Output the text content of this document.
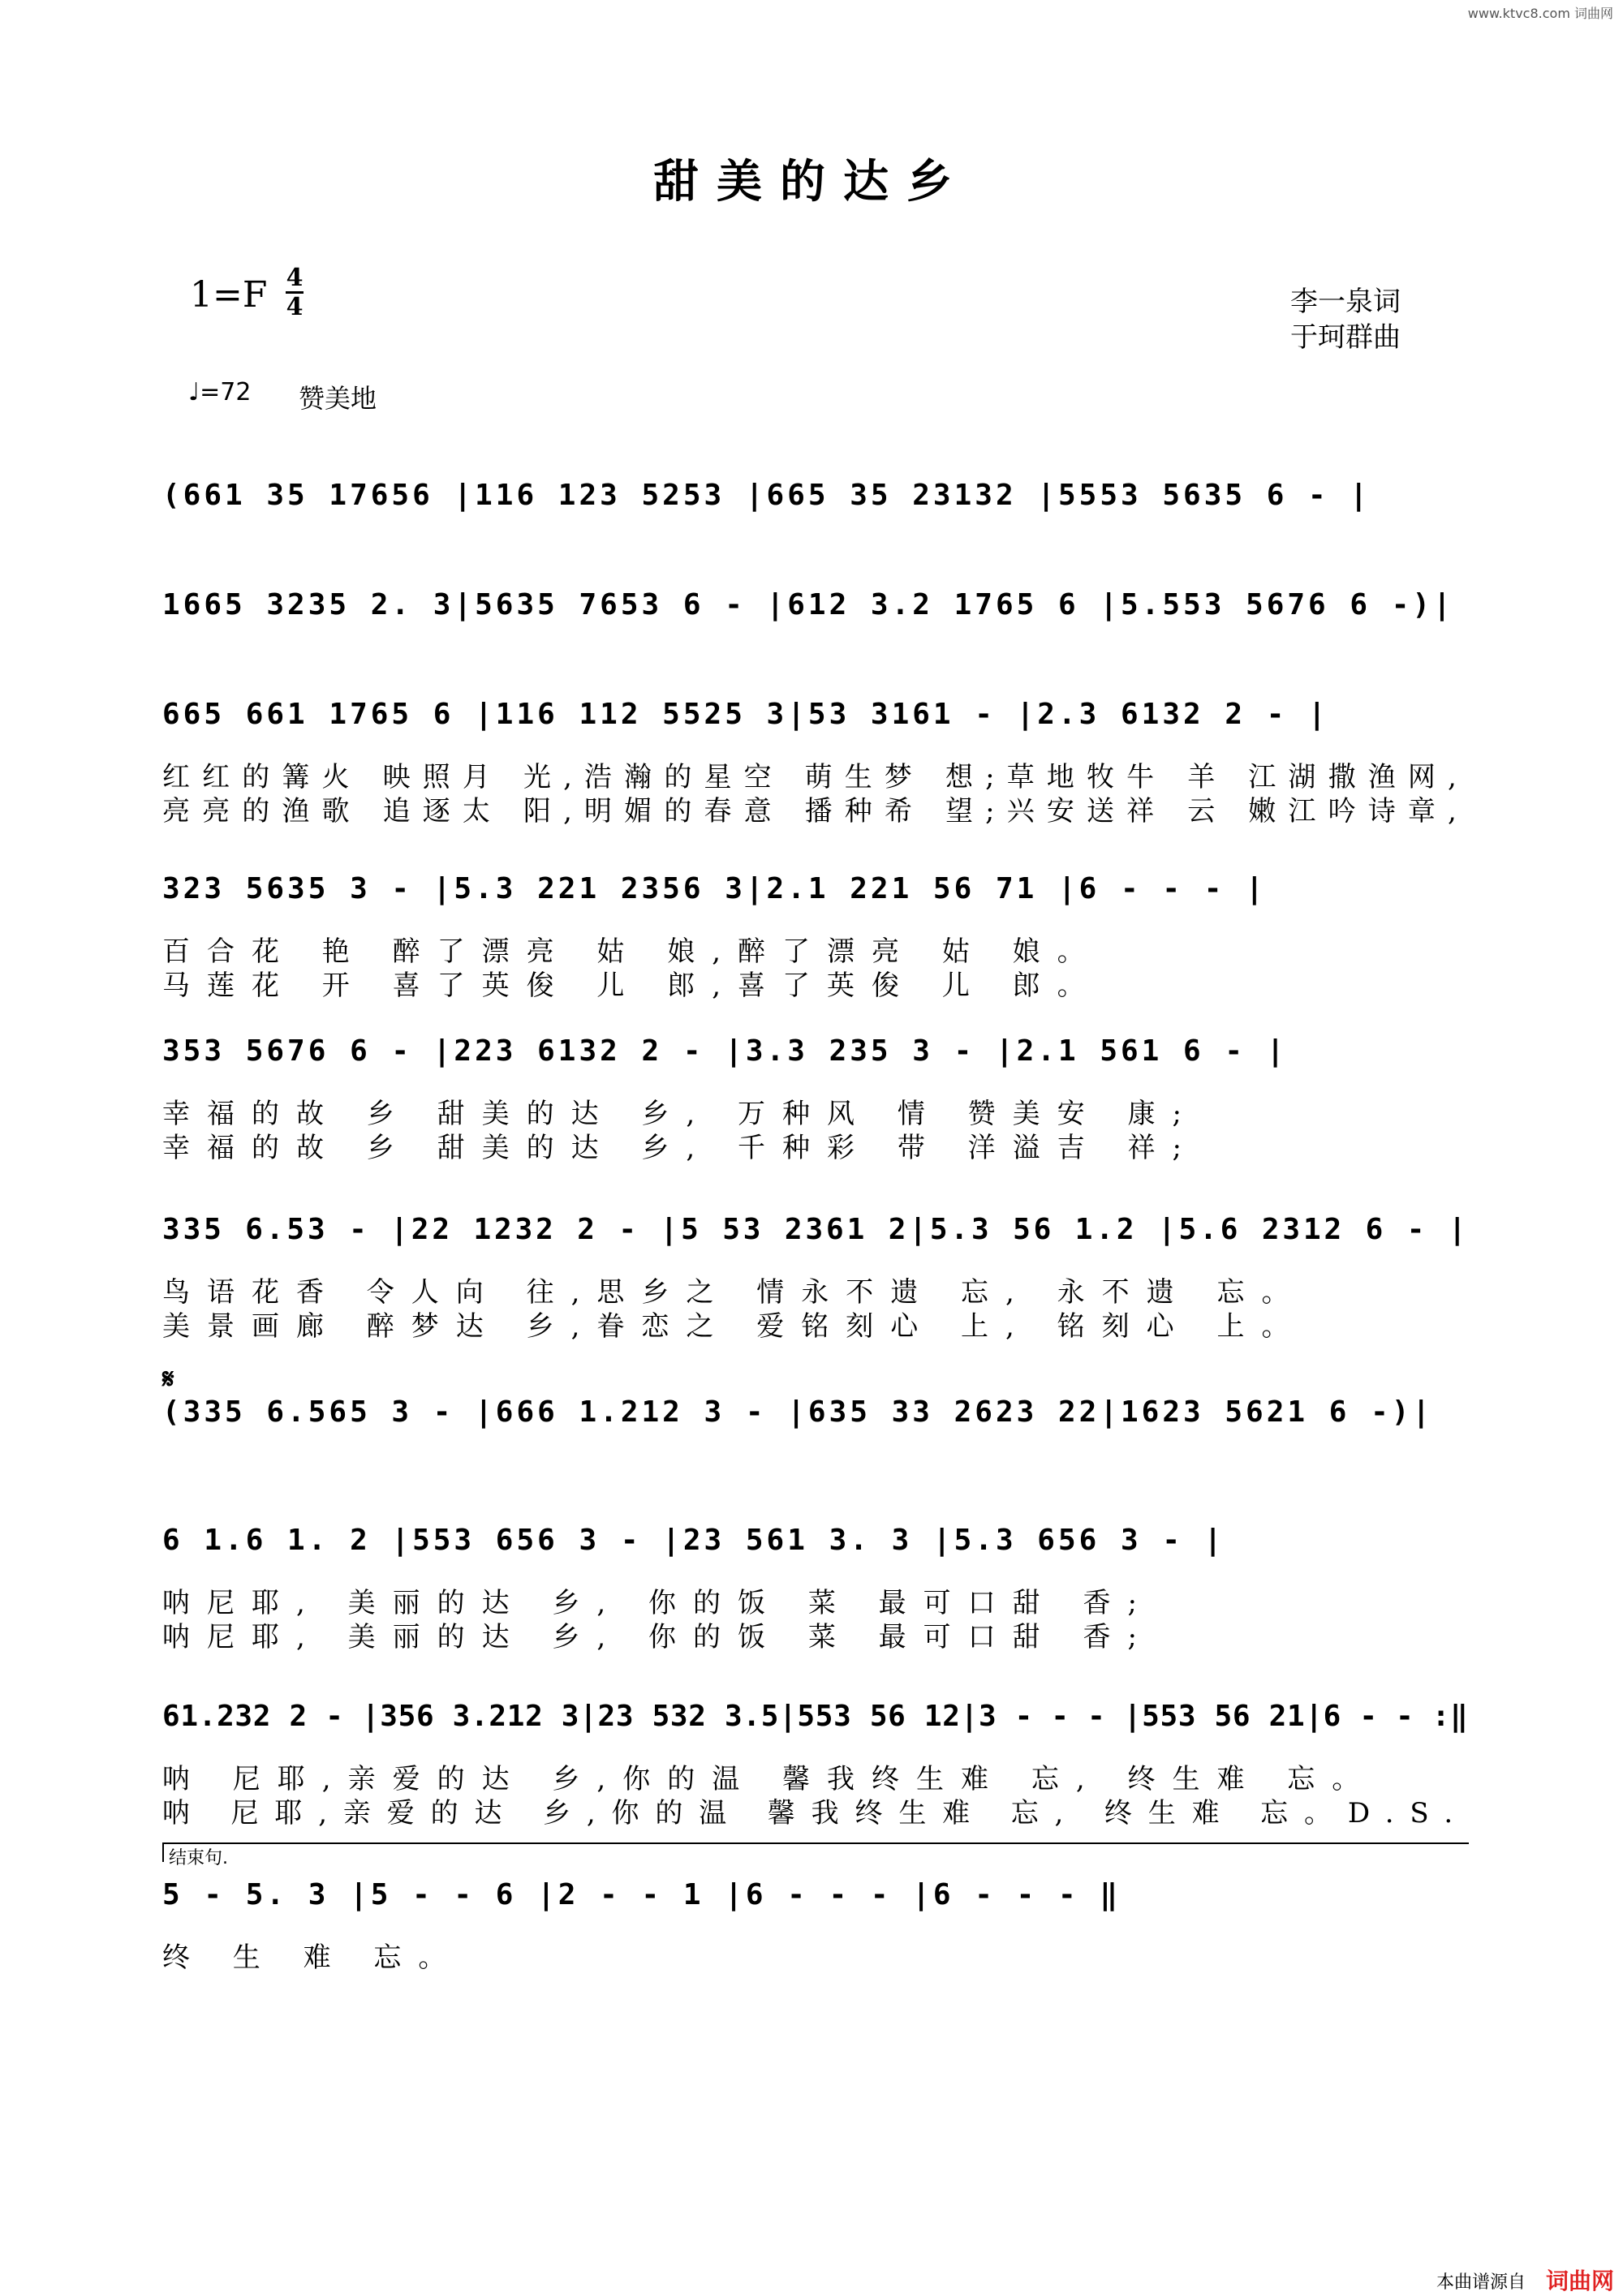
www.ktvc8.com 词曲网
甜美的达乡
1=F 4
4	李一泉词
于珂群曲
♩=72 赞美地
(661 35 17656 |116 123 5253 |665 35 23132 |5553 5635 6 - |
1665 3235 2. 3|5635 7653 6 - |612 3.2 1765 6 |5.553 5676 6 -)|
665 661 1765 6 |116 112 5525 3|53 3161 - |2.3 6132 2 - |
红红的篝火 映照月 光,浩瀚的星空 萌生梦 想;草地牧牛 羊 江湖撒渔网,
亮亮的渔歌 追逐太 阳,明媚的春意 播种希 望;兴安送祥 云 嫩江吟诗章,
323 5635 3 - |5.3 221 2356 3|2.1 221 56 71 |6 - - - |
百合花 艳 醉了漂亮 姑 娘,醉了漂亮 姑 娘。
马莲花 开 喜了英俊 儿 郎,喜了英俊 儿 郎。
353 5676 6 - |223 6132 2 - |3.3 235 3 - |2.1 561 6 - |
幸福的故 乡 甜美的达 乡, 万种风 情 赞美安 康;
幸福的故 乡 甜美的达 乡, 千种彩 带 洋溢吉 祥;
335 6.53 - |22 1232 2 - |5 53 2361 2|5.3 56 1.2 |5.6 2312 6 - |
鸟语花香 令人向 往,思乡之 情永不遗 忘, 永不遗 忘。
美景画廊 醉梦达 乡,眷恋之 爱铭刻心 上, 铭刻心 上。
𝄋
(335 6.565 3 - |666 1.212 3 - |635 33 2623 22|1623 5621 6 -)|
6 1.6 1. 2 |553 656 3 - |23 561 3. 3 |5.3 656 3 - |
呐尼耶, 美丽的达 乡, 你的饭 菜 最可口甜 香;
呐尼耶, 美丽的达 乡, 你的饭 菜 最可口甜 香;
61.232 2 - |356 3.212 3|23 532 3.5|553 56 12|3 - - - |553 56 21|6 - - :‖
呐 尼耶,亲爱的达 乡,你的温 馨我终生难 忘, 终生难 忘。
呐 尼耶,亲爱的达 乡,你的温 馨我终生难 忘, 终生难 忘。D.S.
结束句.
5 - 5. 3 |5 - - 6 |2 - - 1 |6 - - - |6 - - - ‖
终 生 难 忘。
本曲谱源自 词曲网
